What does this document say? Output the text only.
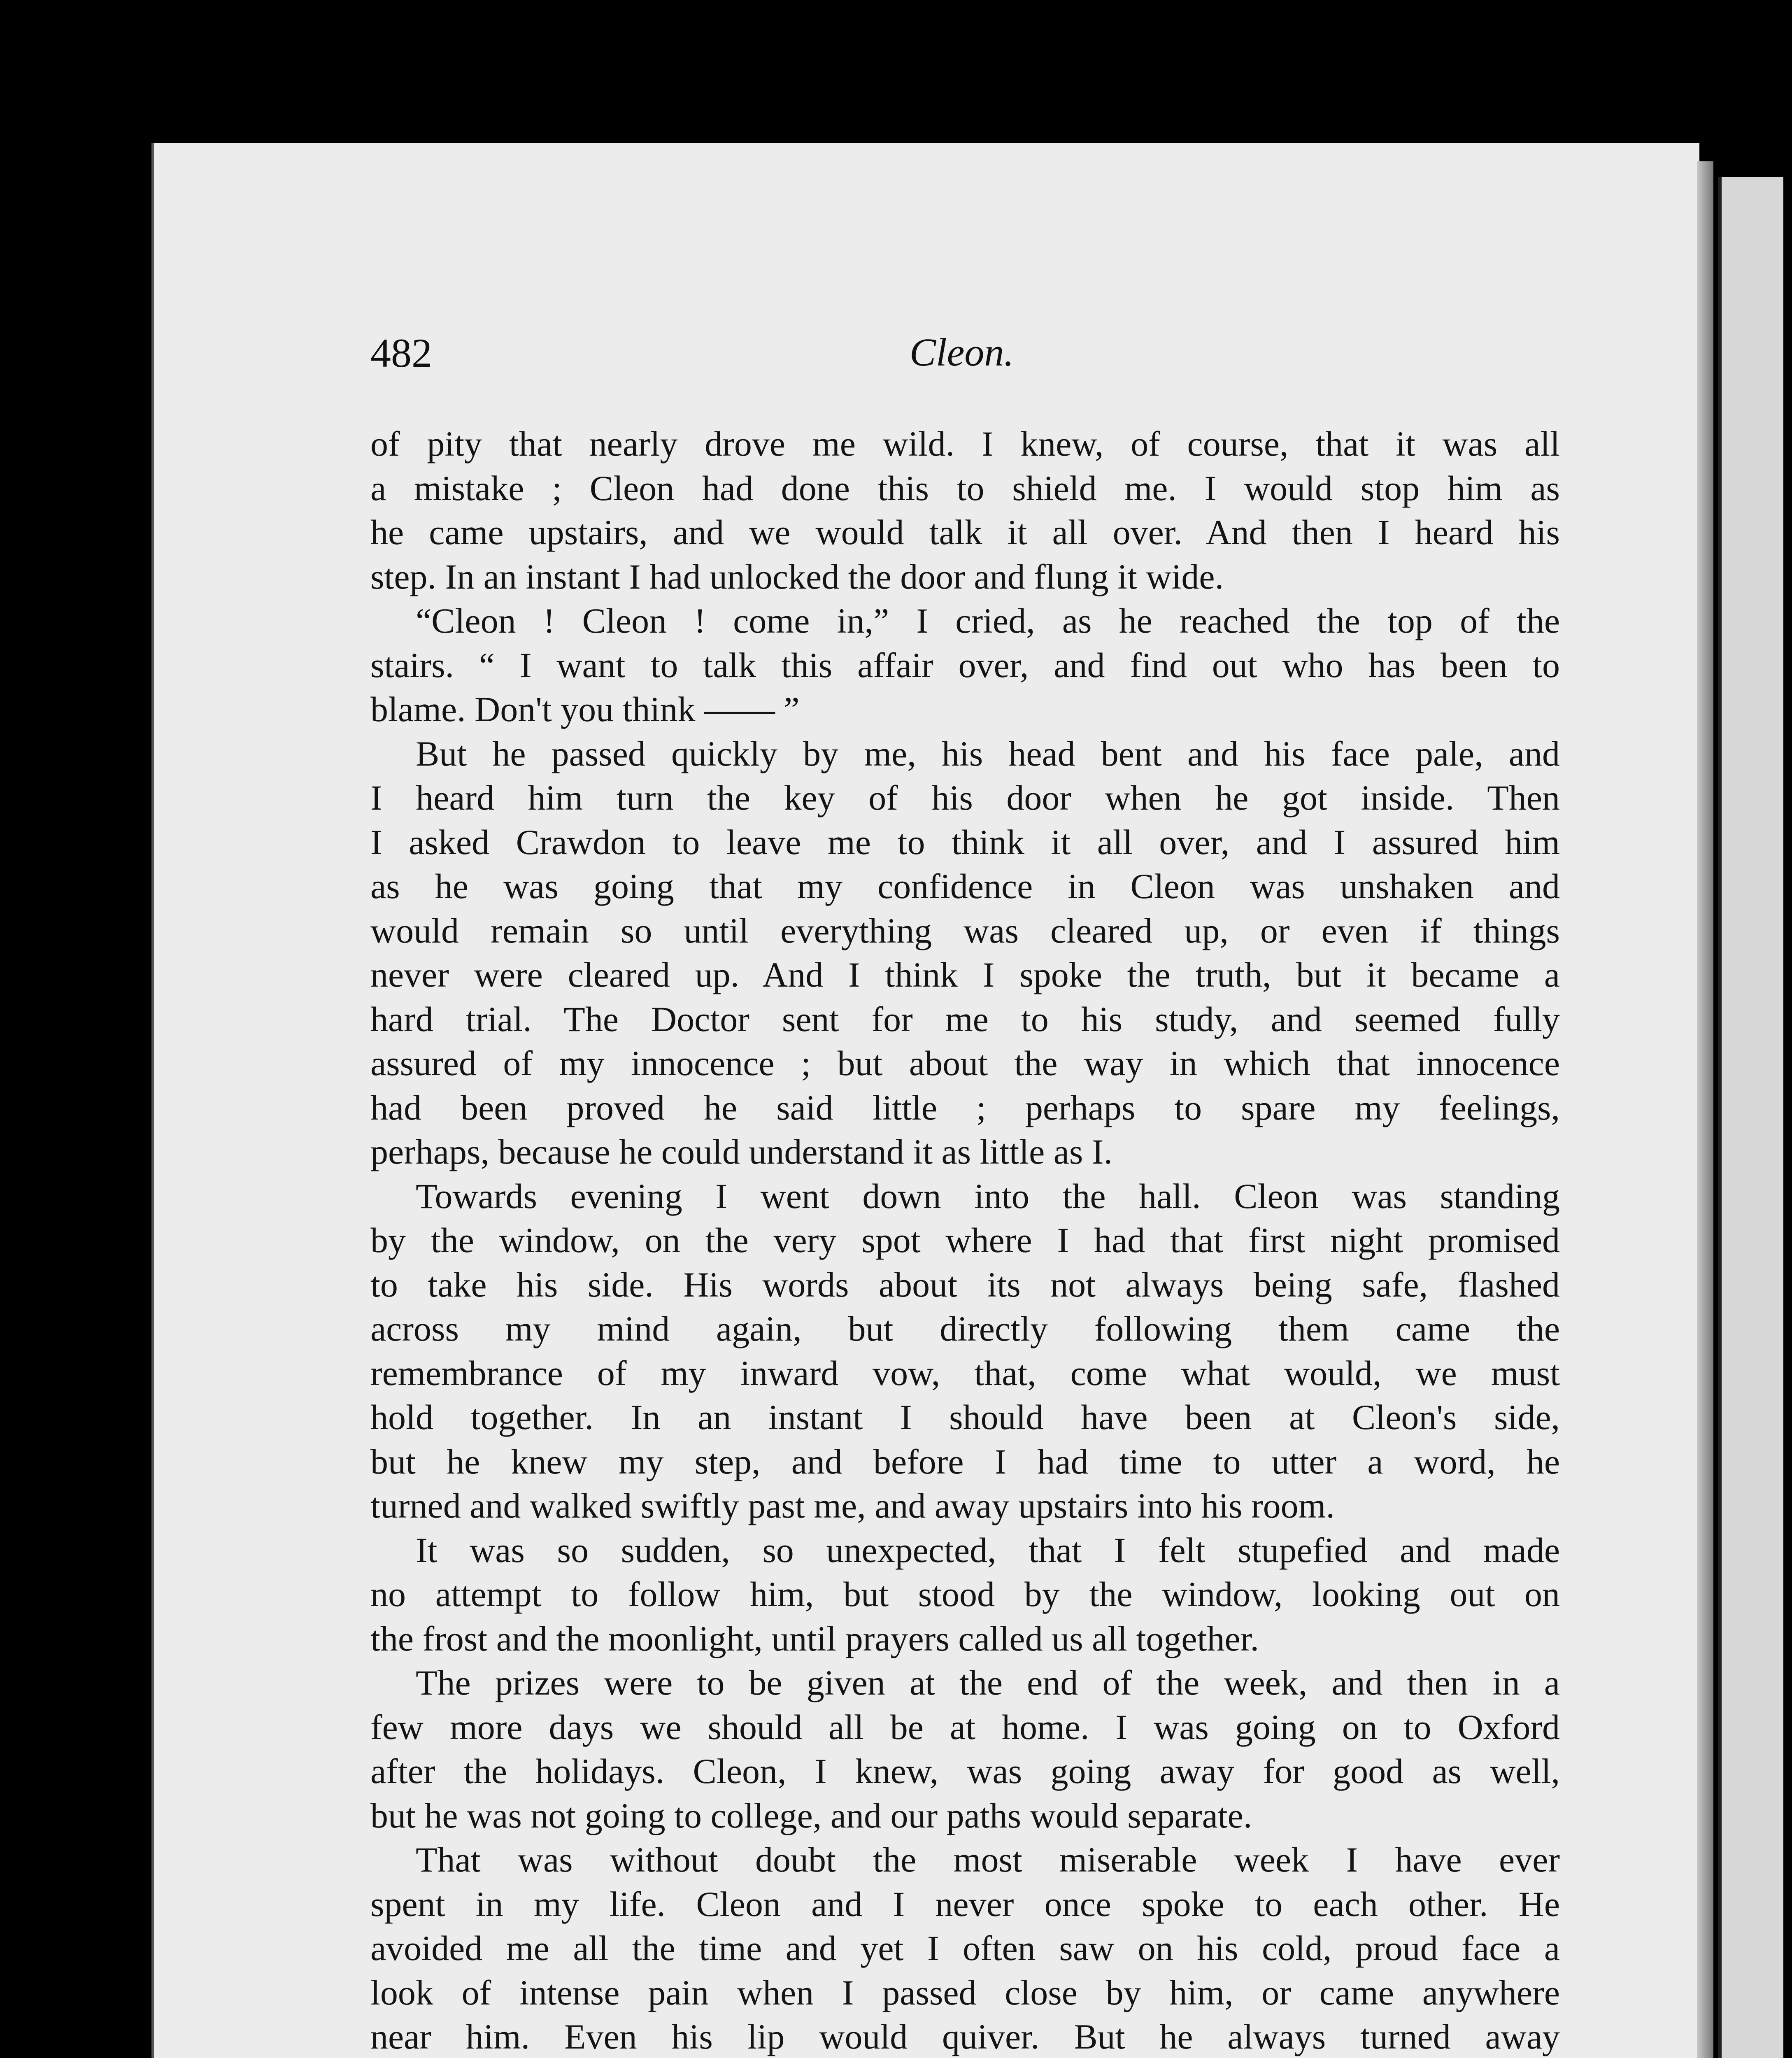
482	Cleon.
of pity that nearly drove me wild. I knew, of course, that it was all
a mistake ; Cleon had done this to shield me. I would stop him as
he came upstairs, and we would talk it all over. And then I heard his
step. In an instant I had unlocked the door and flung it wide.
“Cleon ! Cleon ! come in,” I cried, as he reached the top of the
stairs. “ I want to talk this affair over, and find out who has been to
blame. Don't you think —— ”
But he passed quickly by me, his head bent and his face pale, and
I heard him turn the key of his door when he got inside. Then
I asked Crawdon to leave me to think it all over, and I assured him
as he was going that my confidence in Cleon was unshaken and
would remain so until everything was cleared up, or even if things
never were cleared up. And I think I spoke the truth, but it became a
hard trial. The Doctor sent for me to his study, and seemed fully
assured of my innocence ; but about the way in which that innocence
had been proved he said little ; perhaps to spare my feelings,
perhaps, because he could understand it as little as I.
Towards evening I went down into the hall. Cleon was standing
by the window, on the very spot where I had that first night promised
to take his side. His words about its not always being safe, flashed
across my mind again, but directly following them came the
remembrance of my inward vow, that, come what would, we must
hold together. In an instant I should have been at Cleon's side,
but he knew my step, and before I had time to utter a word, he
turned and walked swiftly past me, and away upstairs into his room.
It was so sudden, so unexpected, that I felt stupefied and made
no attempt to follow him, but stood by the window, looking out on
the frost and the moonlight, until prayers called us all together.
The prizes were to be given at the end of the week, and then in a
few more days we should all be at home. I was going on to Oxford
after the holidays. Cleon, I knew, was going away for good as well,
but he was not going to college, and our paths would separate.
That was without doubt the most miserable week I have ever
spent in my life. Cleon and I never once spoke to each other. He
avoided me all the time and yet I often saw on his cold, proud face a
look of intense pain when I passed close by him, or came anywhere
near him. Even his lip would quiver. But he always turned away
